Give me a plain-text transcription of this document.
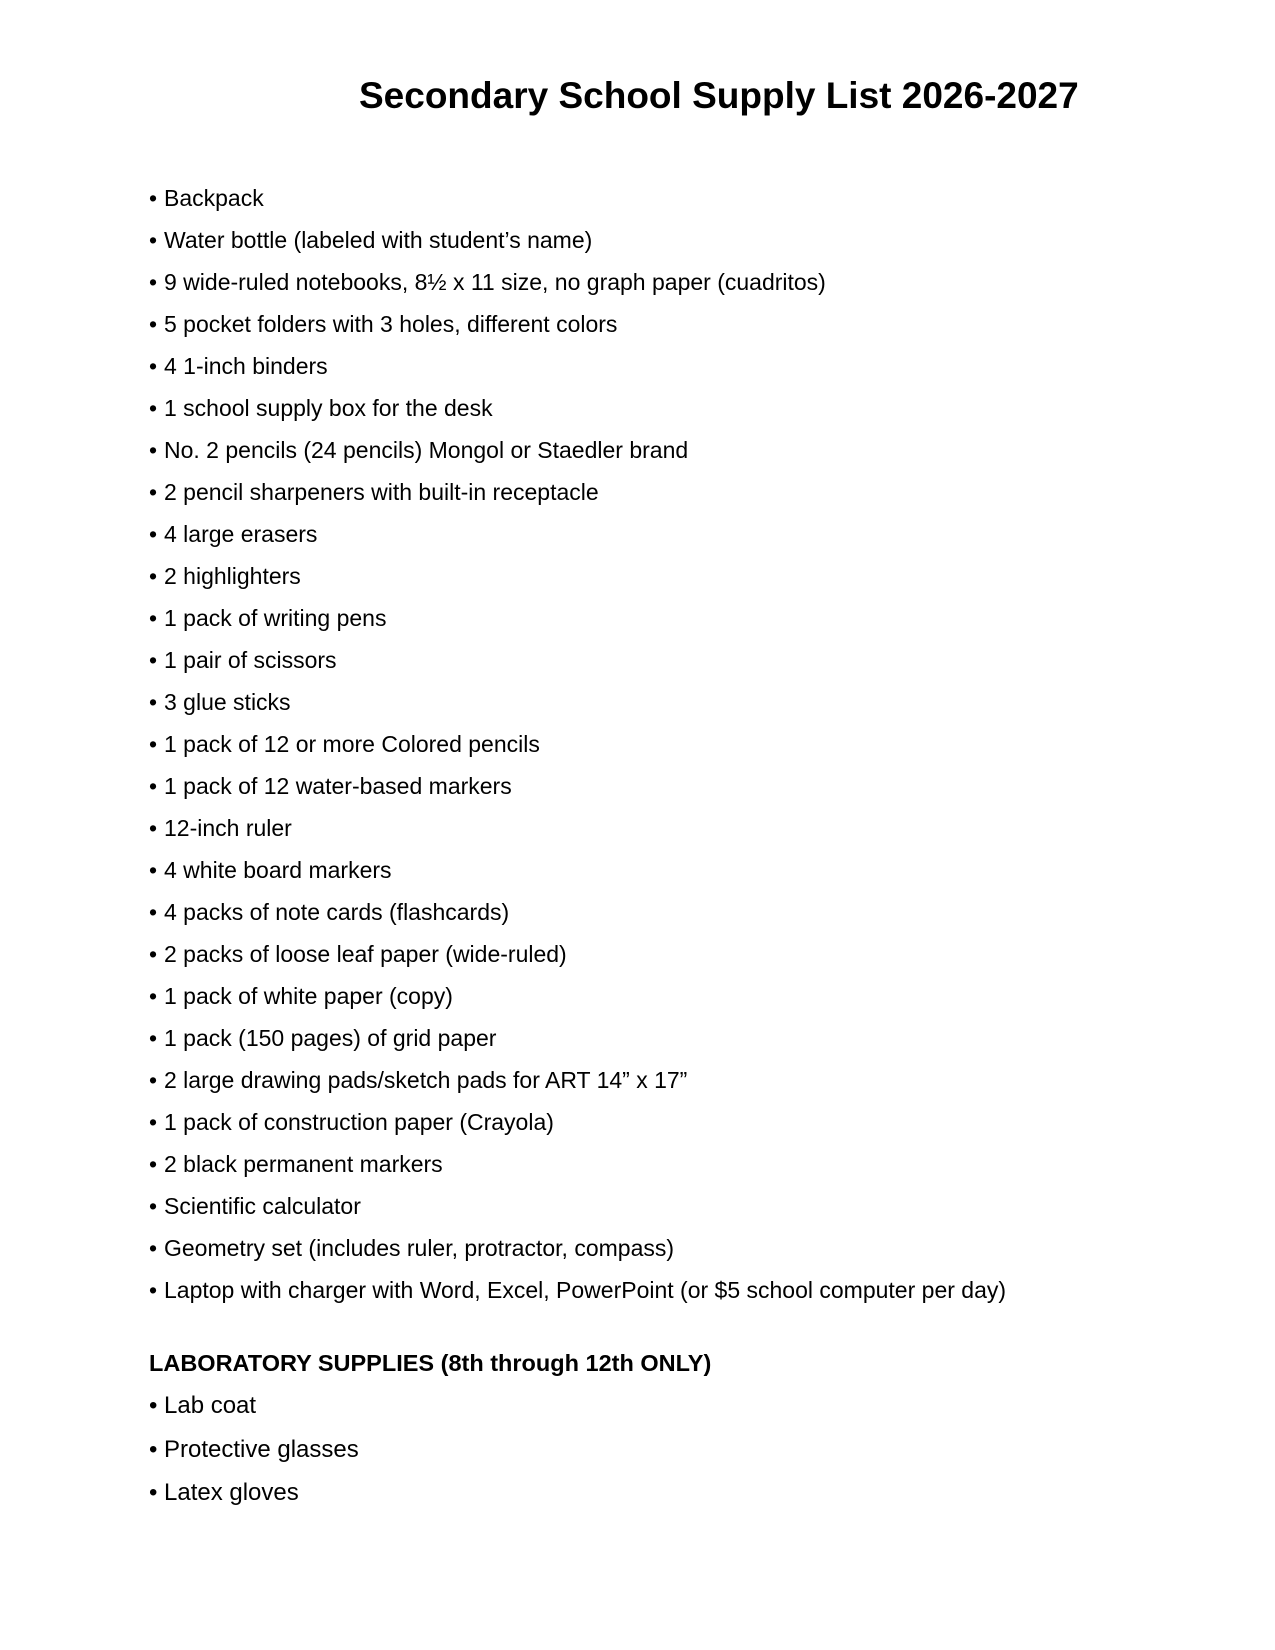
Secondary School Supply List 2026-2027
• Backpack
• Water bottle (labeled with student’s name)
• 9 wide-ruled notebooks, 8½ x 11 size, no graph paper (cuadritos)
• 5 pocket folders with 3 holes, different colors
• 4 1-inch binders
• 1 school supply box for the desk
• No. 2 pencils (24 pencils) Mongol or Staedler brand
• 2 pencil sharpeners with built-in receptacle
• 4 large erasers
• 2 highlighters
• 1 pack of writing pens
• 1 pair of scissors
• 3 glue sticks
• 1 pack of 12 or more Colored pencils
• 1 pack of 12 water-based markers
• 12-inch ruler
• 4 white board markers
• 4 packs of note cards (flashcards)
• 2 packs of loose leaf paper (wide-ruled)
• 1 pack of white paper (copy)
• 1 pack (150 pages) of grid paper
• 2 large drawing pads/sketch pads for ART 14” x 17”
• 1 pack of construction paper (Crayola)
• 2 black permanent markers
• Scientific calculator
• Geometry set (includes ruler, protractor, compass)
• Laptop with charger with Word, Excel, PowerPoint (or $5 school computer per day)
LABORATORY SUPPLIES (8th through 12th ONLY)
• Lab coat
• Protective glasses
• Latex gloves
